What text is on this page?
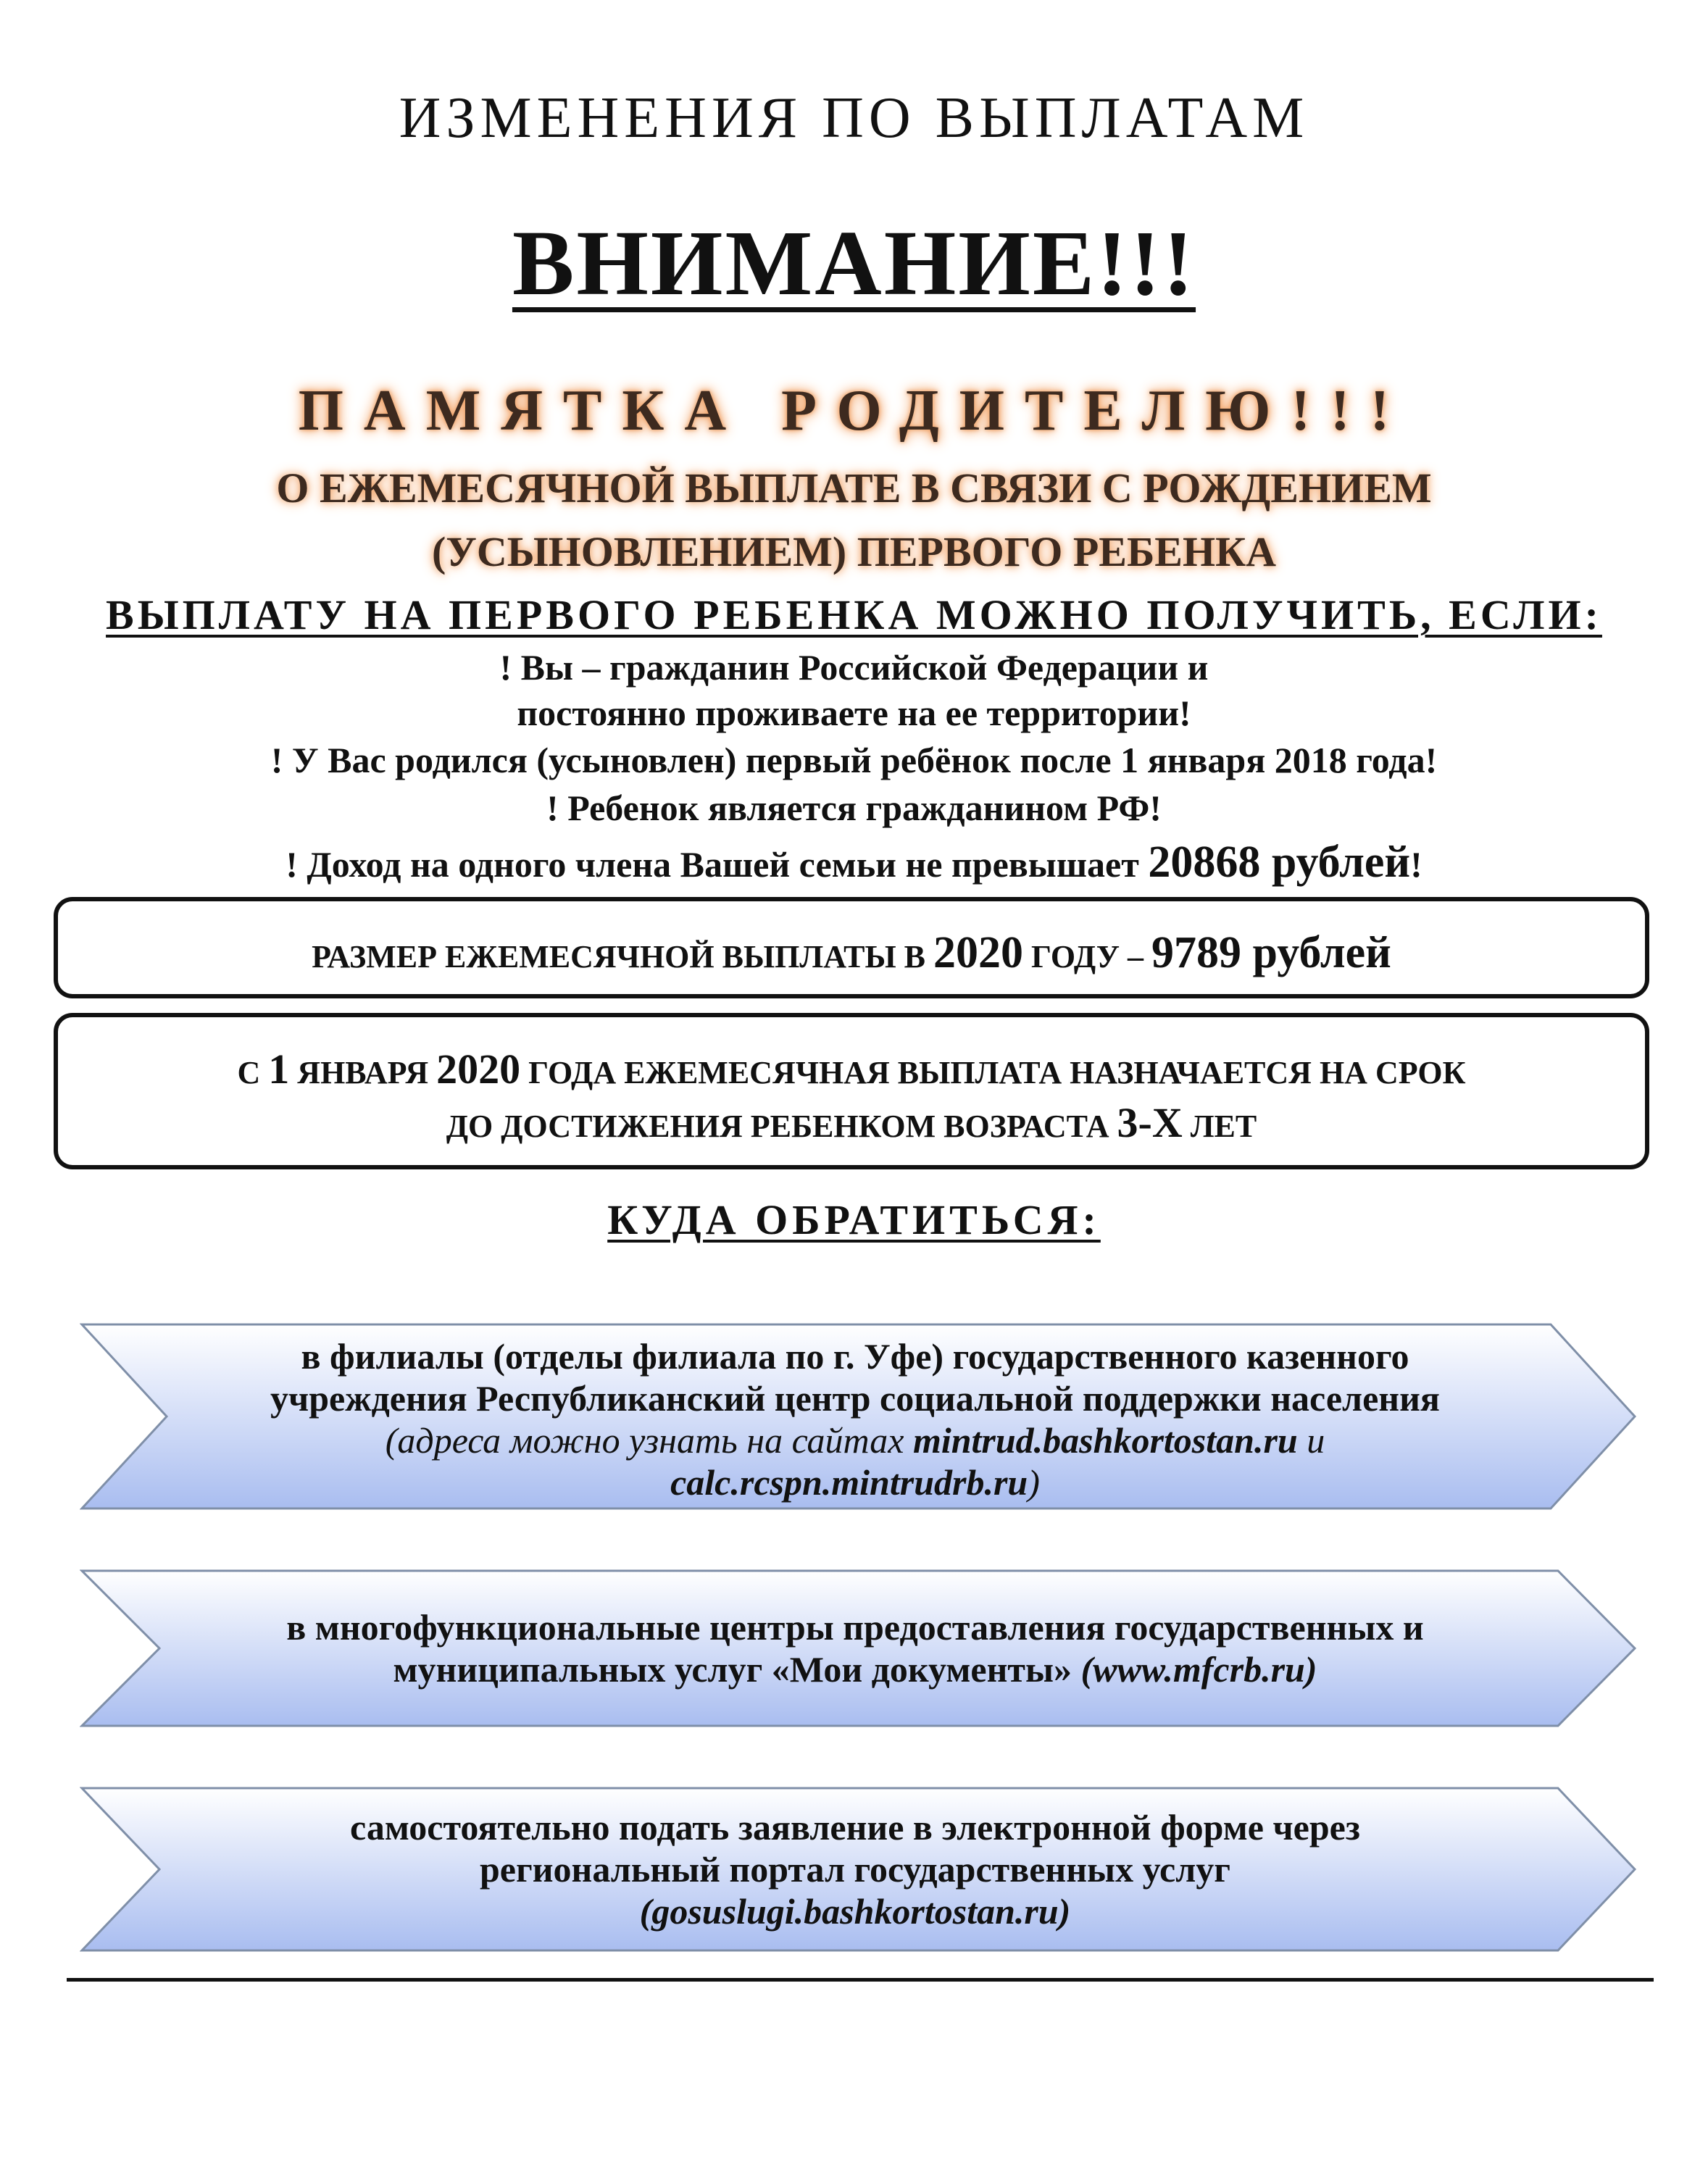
ИЗМЕНЕНИЯ ПО ВЫПЛАТАМ
ВНИМАНИЕ!!!
ПАМЯТКА РОДИТЕЛЮ!!!
О ЕЖЕМЕСЯЧНОЙ ВЫПЛАТЕ В СВЯЗИ С РОЖДЕНИЕМ
(УСЫНОВЛЕНИЕМ) ПЕРВОГО РЕБЕНКА
ВЫПЛАТУ НА ПЕРВОГО РЕБЕНКА МОЖНО ПОЛУЧИТЬ, ЕСЛИ:
! Вы – гражданин Российской Федерации и
постоянно проживаете на ее территории!
! У Вас родился (усыновлен) первый ребёнок после 1 января 2018 года!
! Ребенок является гражданином РФ!
! Доход на одного члена Вашей семьи не превышает 20868 рублей!
РАЗМЕР ЕЖЕМЕСЯЧНОЙ ВЫПЛАТЫ В 2020 ГОДУ – 9789 рублей
С 1 ЯНВАРЯ 2020 ГОДА ЕЖЕМЕСЯЧНАЯ ВЫПЛАТА НАЗНАЧАЕТСЯ НА СРОК
ДО ДОСТИЖЕНИЯ РЕБЕНКОМ ВОЗРАСТА 3-Х ЛЕТ
КУДА ОБРАТИТЬСЯ:
в филиалы (отделы филиала по г. Уфе) государственного казенного
учреждения Республиканский центр социальной поддержки населения
(адреса можно узнать на сайтах mintrud.bashkortostan.ru и
calc.rcspn.mintrudrb.ru)
в многофункциональные центры предоставления государственных и
муниципальных услуг «Мои документы» (www.mfcrb.ru)
самостоятельно подать заявление в электронной форме через
региональный портал государственных услуг
(gosuslugi.bashkortostan.ru)
